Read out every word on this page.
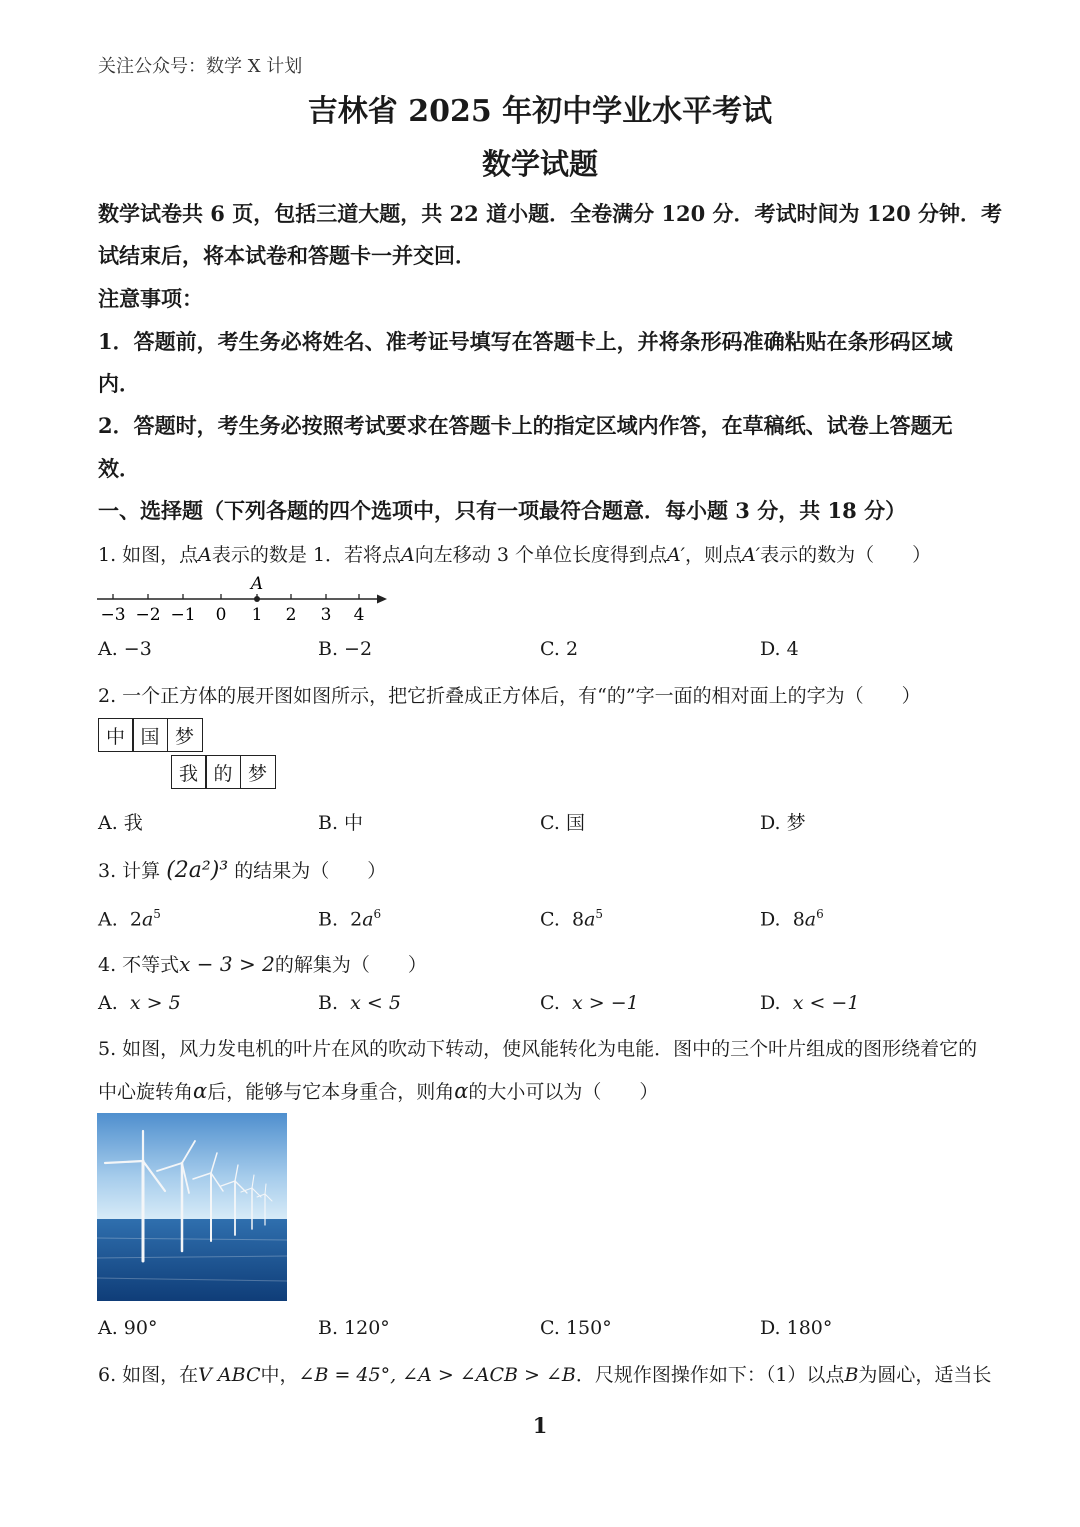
关注公众号：数学 X 计划
吉林省 2025 年初中学业水平考试
数学试题
数学试卷共 6 页，包括三道大题，共 22 道小题．全卷满分 120 分．考试时间为 120 分钟．考
试结束后，将本试卷和答题卡一并交回．
注意事项：
1．答题前，考生务必将姓名、准考证号填写在答题卡上，并将条形码准确粘贴在条形码区域
内．
2．答题时，考生务必按照考试要求在答题卡上的指定区域内作答，在草稿纸、试卷上答题无
效．
一、选择题（下列各题的四个选项中，只有一项最符合题意．每小题 3 分，共 18 分）
1. 如图，点A表示的数是 1．若将点A向左移动 3 个单位长度得到点A′，则点A′表示的数为（　　）
A
−3 −2 −1 0 1 2 3 4
A. −3	B. −2	C. 2	D. 4
2. 一个正方体的展开图如图所示，把它折叠成正方体后，有“的”字一面的相对面上的字为（　　）
中 国 梦
我 的 梦
A. 我	B. 中	C. 国	D. 梦
3. 计算 (2a²)³ 的结果为（　　）
A. $2a^5$	B. $2a^6$	C. $8a^5$	D. $8a^6$
4. 不等式x − 3 > 2的解集为（　　）
A. x > 5	B. x < 5	C. x > −1	D. x < −1
5. 如图，风力发电机的叶片在风的吹动下转动，使风能转化为电能．图中的三个叶片组成的图形绕着它的
中心旋转角α后，能够与它本身重合，则角α的大小可以为（　　）
A. 90°	B. 120°	C. 150°	D. 180°
6. 如图，在V ABC中，∠B = 45°, ∠A > ∠ACB > ∠B．尺规作图操作如下：（1）以点B为圆心，适当长
1
